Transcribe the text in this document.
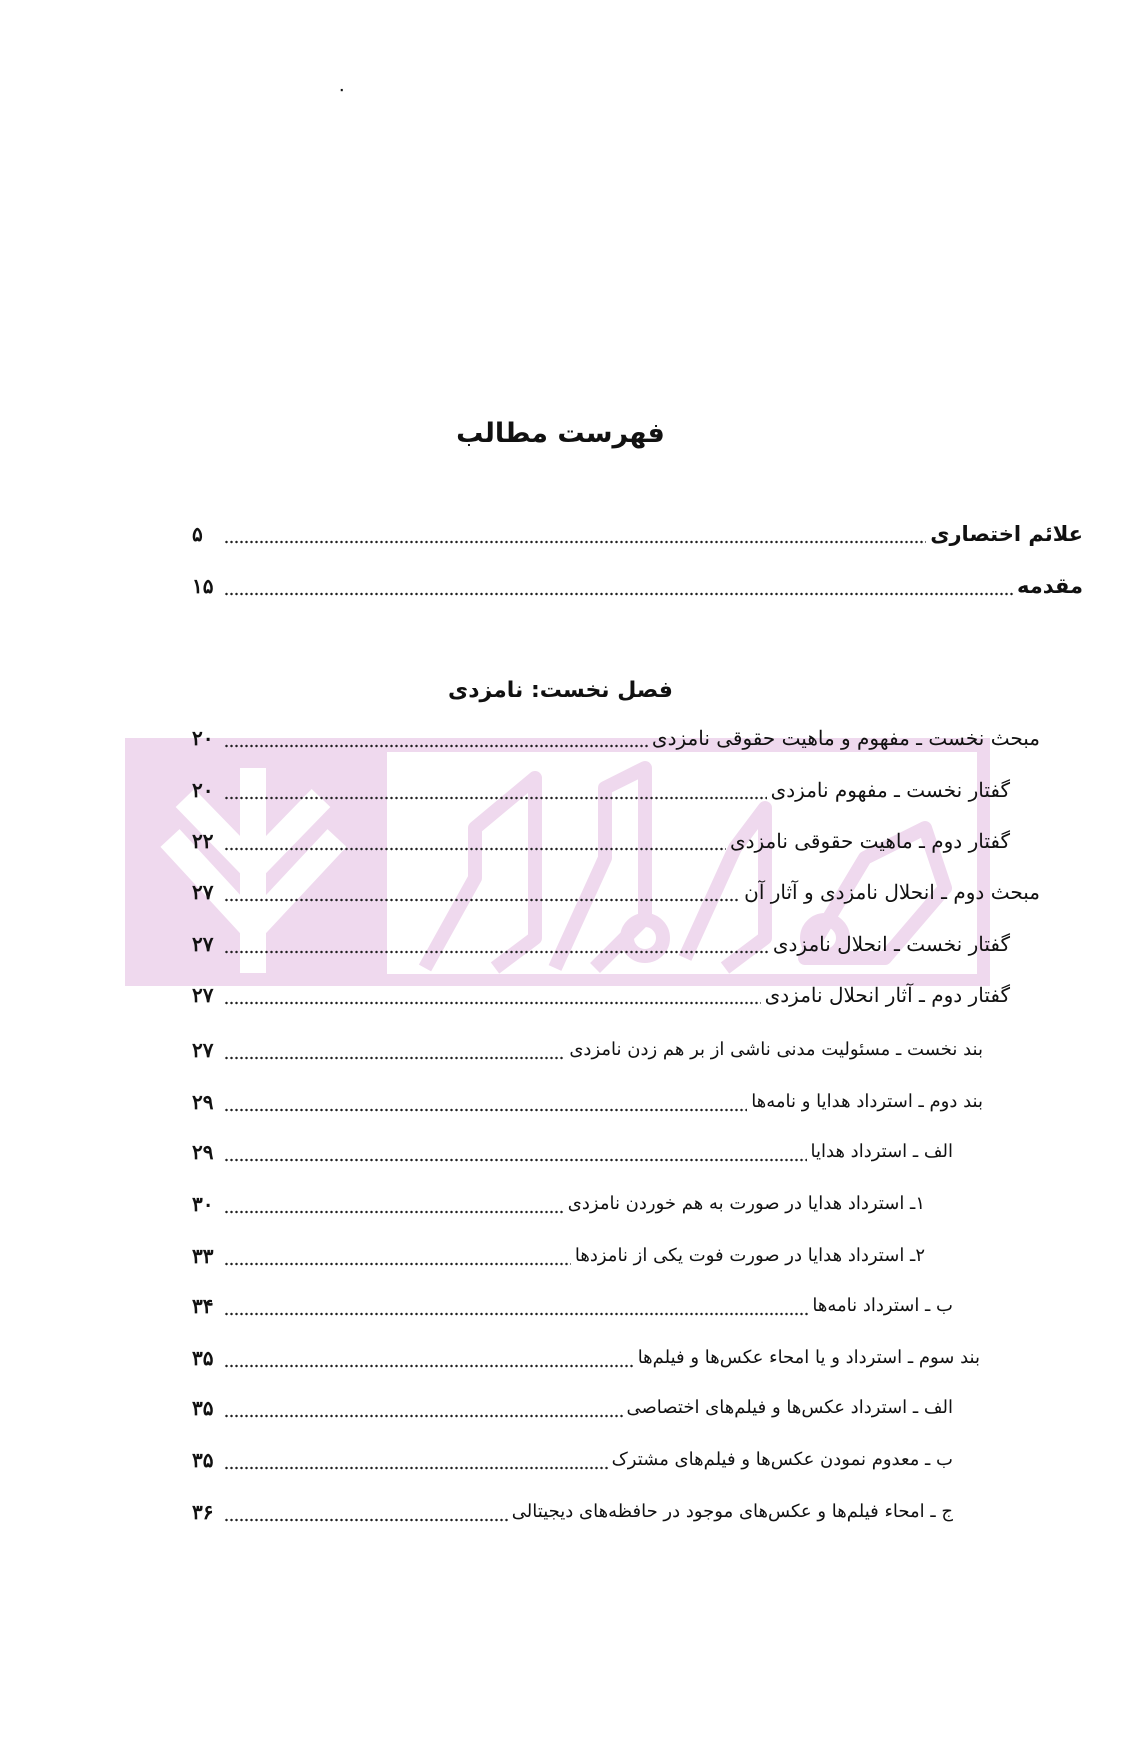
۰
فهرست مطالب
علائم اختصاری
۵
مقدمه
۱۵
فصل نخست: نامزدی
مبحث نخست ـ مفهوم و ماهیت حقوقی نامزدی
۲۰
گفتار نخست ـ مفهوم نامزدی
۲۰
گفتار دوم ـ ماهیت حقوقی نامزدی
۲۲
مبحث دوم ـ انحلال نامزدی و آثار آن
۲۷
گفتار نخست ـ انحلال نامزدی
۲۷
گفتار دوم ـ آثار انحلال نامزدی
۲۷
بند نخست ـ مسئولیت مدنی ناشی از بر هم زدن نامزدی
۲۷
بند دوم ـ استرداد هدایا و نامه‌ها
۲۹
الف ـ استرداد هدایا
۲۹
۱ـ استرداد هدایا در صورت به هم خوردن نامزدی
۳۰
۲ـ استرداد هدایا در صورت فوت یکی از نامزدها
۳۳
ب ـ استرداد نامه‌ها
۳۴
بند سوم ـ استرداد و یا امحاء عکس‌ها و فیلم‌ها
۳۵
الف ـ استرداد عکس‌ها و فیلم‌های اختصاصی
۳۵
ب ـ معدوم نمودن عکس‌ها و فیلم‌های مشترک
۳۵
ج ـ امحاء فیلم‌ها و عکس‌های موجود در حافظه‌های دیجیتالی
۳۶
